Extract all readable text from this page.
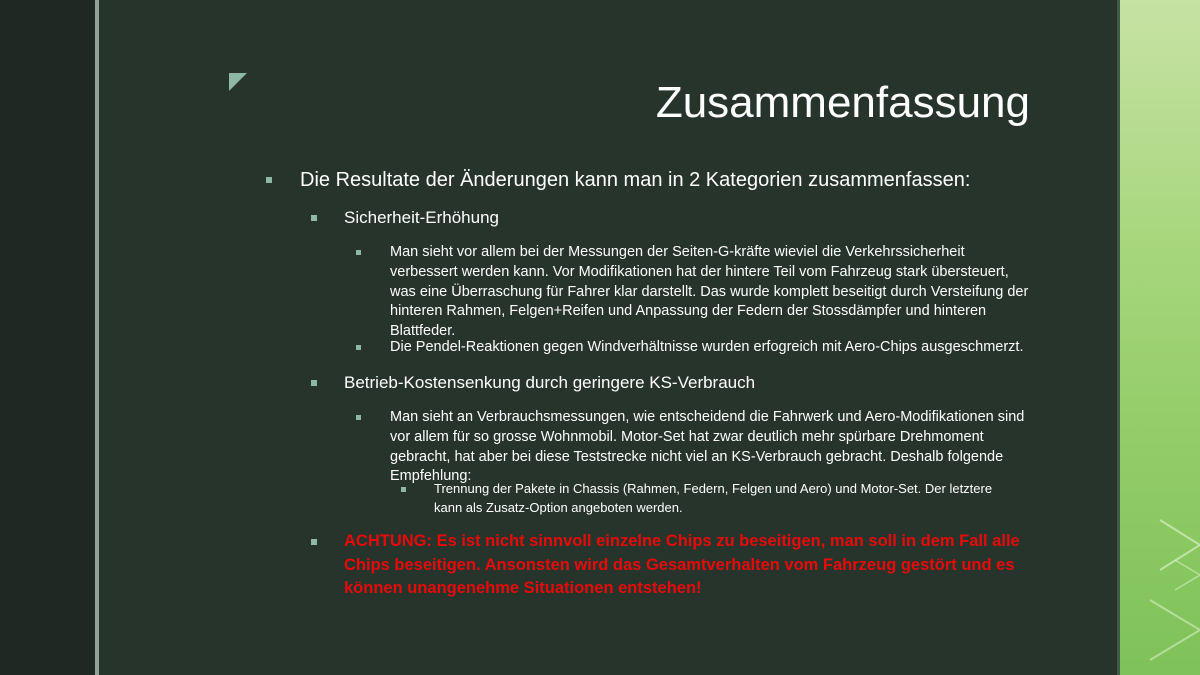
Zusammenfassung
Die Resultate der Änderungen kann man in 2 Kategorien zusammenfassen:
Sicherheit-Erhöhung
Man sieht vor allem bei der Messungen der Seiten-G-kräfte wieviel die Verkehrssicherheit verbessert werden kann. Vor Modifikationen hat der hintere Teil vom Fahrzeug stark übersteuert, was eine Überraschung für Fahrer klar darstellt. Das wurde komplett beseitigt durch Versteifung der hinteren Rahmen, Felgen+Reifen und Anpassung der Federn der Stossdämpfer und hinteren Blattfeder.
Die Pendel-Reaktionen gegen Windverhältnisse wurden erfogreich mit Aero-Chips ausgeschmerzt.
Betrieb-Kostensenkung durch geringere KS-Verbrauch
Man sieht an Verbrauchsmessungen, wie entscheidend die Fahrwerk und Aero-Modifikationen sind vor allem für so grosse Wohnmobil. Motor-Set hat zwar deutlich mehr spürbare Drehmoment gebracht, hat aber bei diese Teststrecke nicht viel an KS-Verbrauch gebracht. Deshalb folgende Empfehlung:
Trennung der Pakete in Chassis (Rahmen, Federn, Felgen und Aero) und Motor-Set. Der letztere kann als Zusatz-Option angeboten werden.
ACHTUNG: Es ist nicht sinnvoll einzelne Chips zu beseitigen, man soll in dem Fall alle Chips beseitigen. Ansonsten wird das Gesamtverhalten vom Fahrzeug gestört und es können unangenehme Situationen entstehen!
